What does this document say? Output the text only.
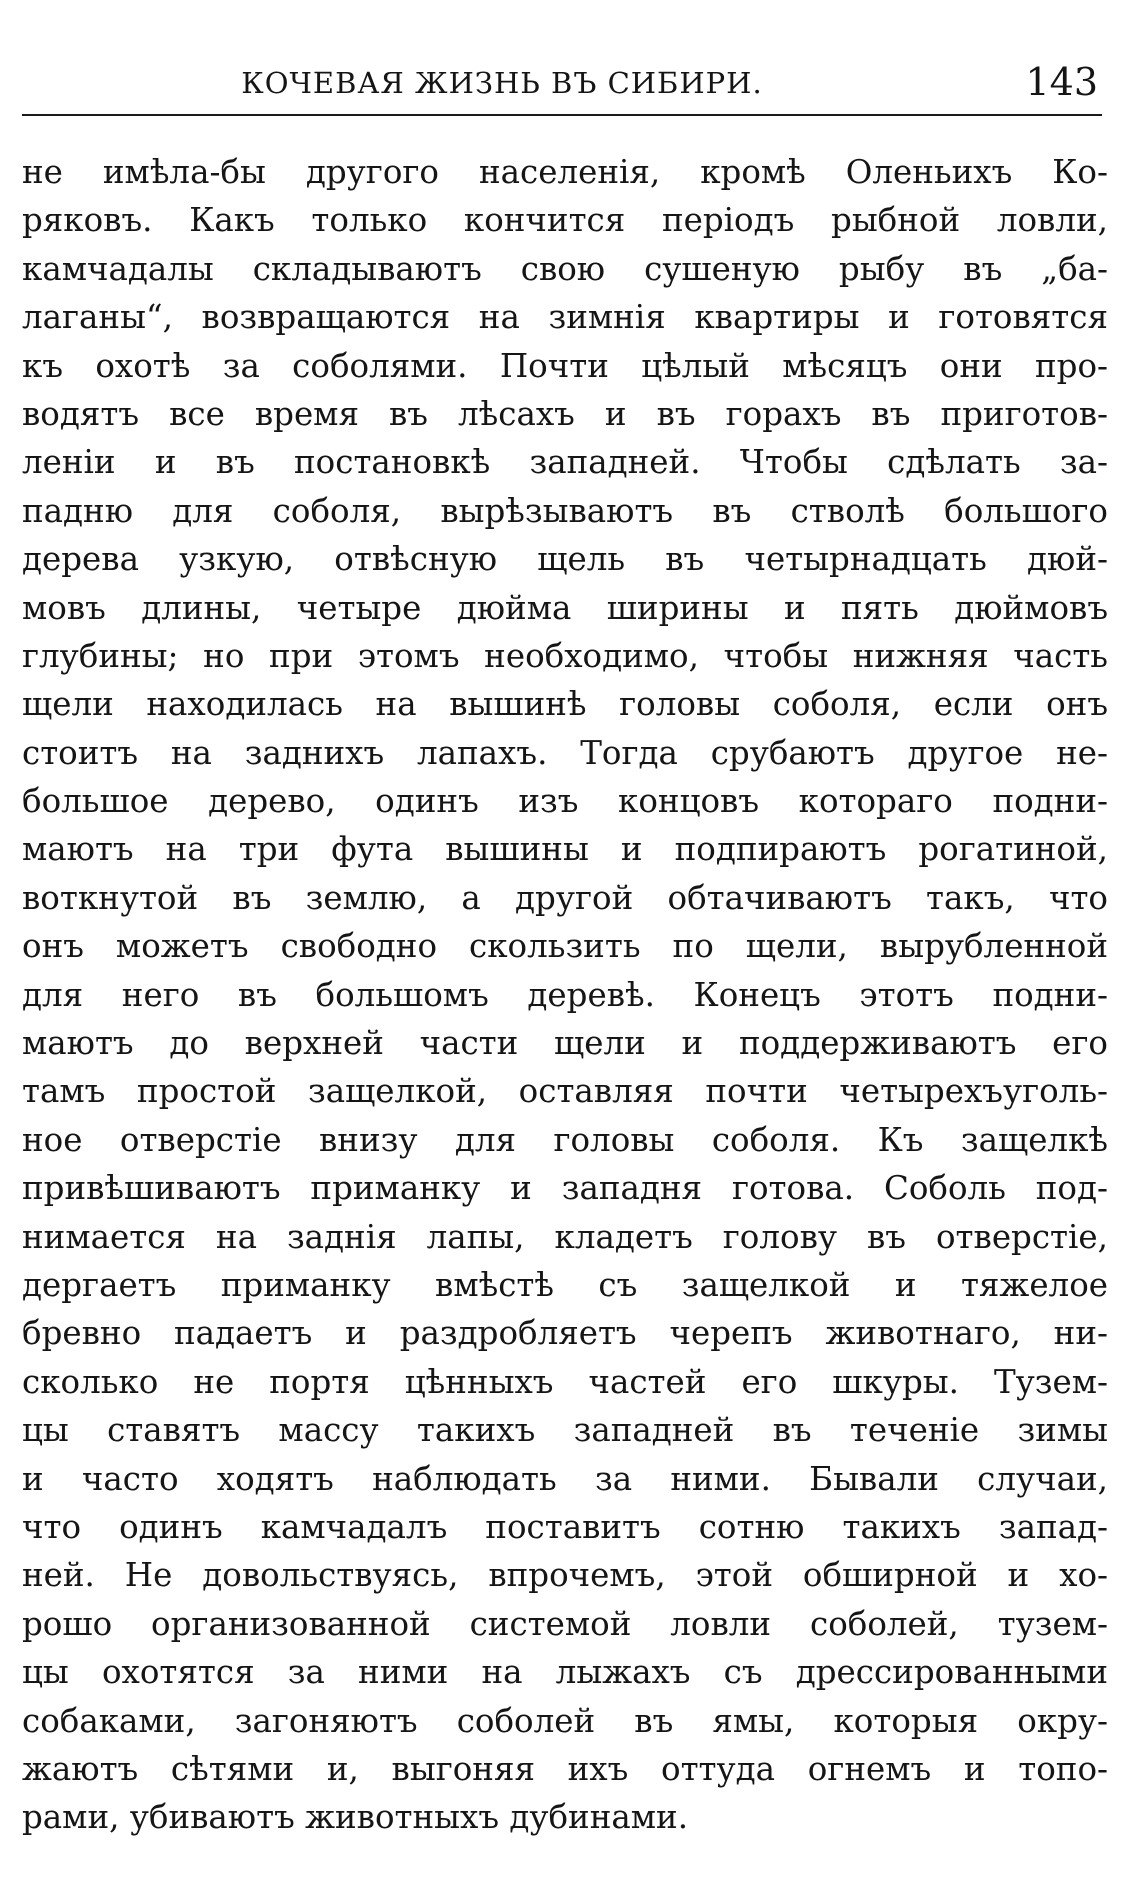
КОЧЕВАЯ ЖИЗНЬ ВЪ СИБИРИ.	143
не имѣла-бы другого населенія, кромѣ Оленьихъ Ко-
ряковъ. Какъ только кончится періодъ рыбной ловли,
камчадалы складываютъ свою сушеную рыбу въ „ба-
лаганы“, возвращаются на зимнія квартиры и готовятся
къ охотѣ за соболями. Почти цѣлый мѣсяцъ они про-
водятъ все время въ лѣсахъ и въ горахъ въ приготов-
леніи и въ постановкѣ западней. Чтобы сдѣлать за-
падню для соболя, вырѣзываютъ въ стволѣ большого
дерева узкую, отвѣсную щель въ четырнадцать дюй-
мовъ длины, четыре дюйма ширины и пять дюймовъ
глубины; но при этомъ необходимо, чтобы нижняя часть
щели находилась на вышинѣ головы соболя, если онъ
стоитъ на заднихъ лапахъ. Тогда срубаютъ другое не-
большое дерево, одинъ изъ концовъ котораго подни-
маютъ на три фута вышины и подпираютъ рогатиной,
воткнутой въ землю, а другой обтачиваютъ такъ, что
онъ можетъ свободно скользить по щели, вырубленной
для него въ большомъ деревѣ. Конецъ этотъ подни-
маютъ до верхней части щели и поддерживаютъ его
тамъ простой защелкой, оставляя почти четырехъуголь-
ное отверстіе внизу для головы соболя. Къ защелкѣ
привѣшиваютъ приманку и западня готова. Соболь под-
нимается на заднія лапы, кладетъ голову въ отверстіе,
дергаетъ приманку вмѣстѣ съ защелкой и тяжелое
бревно падаетъ и раздробляетъ черепъ животнаго, ни-
сколько не портя цѣнныхъ частей его шкуры. Тузем-
цы ставятъ массу такихъ западней въ теченіе зимы
и часто ходятъ наблюдать за ними. Бывали случаи,
что одинъ камчадалъ поставитъ сотню такихъ запад-
ней. Не довольствуясь, впрочемъ, этой обширной и хо-
рошо организованной системой ловли соболей, тузем-
цы охотятся за ними на лыжахъ съ дрессированными
собаками, загоняютъ соболей въ ямы, которыя окру-
жаютъ сѣтями и, выгоняя ихъ оттуда огнемъ и топо-
рами, убиваютъ животныхъ дубинами.
